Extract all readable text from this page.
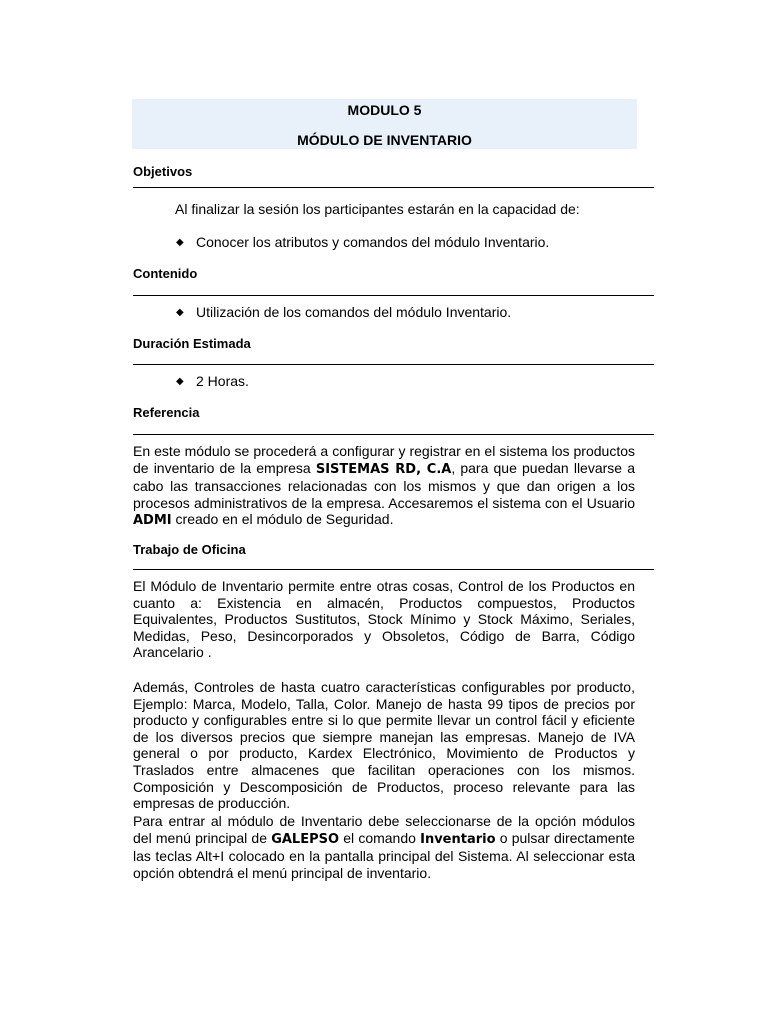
MODULO 5
MÓDULO DE INVENTARIO
Objetivos
Al finalizar la sesión los participantes estarán en la capacidad de:
◆ Conocer los atributos y comandos del módulo Inventario.
Contenido
◆ Utilización de los comandos del módulo Inventario.
Duración Estimada
◆ 2 Horas.
Referencia

En este módulo se procederá a configurar y registrar en el sistema los productos de inventario de la empresa SISTEMAS RD, C.A, para que puedan llevarse a cabo las transacciones relacionadas con los mismos y que dan origen a los procesos administrativos de la empresa. Accesaremos el sistema con el Usuario ADMI creado en el módulo de Seguridad.

Trabajo de Oficina

El Módulo de Inventario permite entre otras cosas, Control de los Productos en cuanto a: Existencia en almacén, Productos compuestos, Productos Equivalentes, Productos Sustitutos, Stock Mínimo y Stock Máximo, Seriales, Medidas, Peso, Desincorporados y Obsoletos, Código de Barra, Código Arancelario .

Además, Controles de hasta cuatro características configurables por producto, Ejemplo: Marca, Modelo, Talla, Color. Manejo de hasta 99 tipos de precios por producto y configurables entre si lo que permite llevar un control fácil y eficiente de los diversos precios que siempre manejan las empresas. Manejo de IVA general o por producto, Kardex Electrónico, Movimiento de Productos y Traslados entre almacenes que facilitan operaciones con los mismos. Composición y Descomposición de Productos, proceso relevante para las empresas de producción.

Para entrar al módulo de Inventario debe seleccionarse de la opción módulos del menú principal de GALEPSO el comando Inventario o pulsar directamente las teclas Alt+I colocado en la pantalla principal del Sistema. Al seleccionar esta opción obtendrá el menú principal de inventario.
